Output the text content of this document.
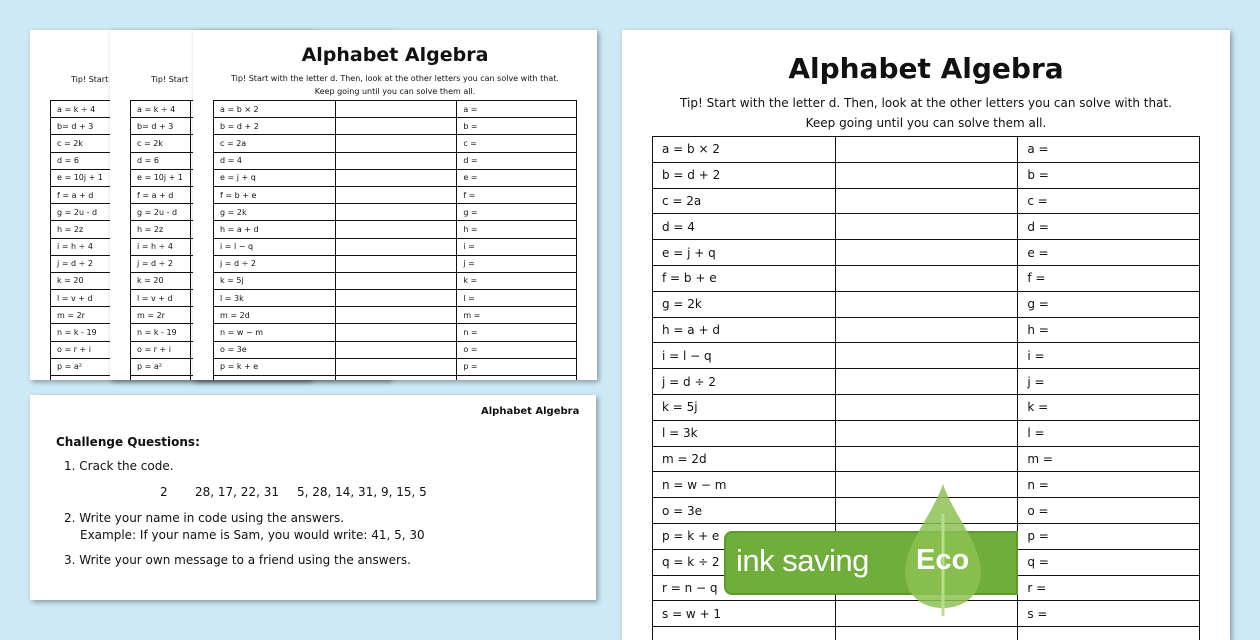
Tip! Start
a = k ÷ 4	
b= d + 3	
c = 2k	
d = 6	
e = 10j + 1	
f = a + d	
g = 2u - d	
h = 2z	
i = h ÷ 4	
j = d ÷ 2	
k = 20	
l = v + d	
m = 2r	
n = k - 19	
o = r + i	
p = a²	

Tip! Start
a = k ÷ 4	
b= d + 3	
c = 2k	
d = 6	
e = 10j + 1	
f = a + d	
g = 2u - d	
h = 2z	
i = h ÷ 4	
j = d ÷ 2	
k = 20	
l = v + d	
m = 2r	
n = k - 19	
o = r + i	
p = a²	

Alphabet Algebra
Tip! Start with the letter d. Then, look at the other letters you can solve with that.
Keep going until you can solve them all.
a = b × 2		a =
b = d + 2		b =
c = 2a		c =
d = 4		d =
e = j + q		e =
f = b + e		f =
g = 2k		g =
h = a + d		h =
i = l − q		i =
j = d ÷ 2		j =
k = 5j		k =
l = 3k		l =
m = 2d		m =
n = w − m		n =
o = 3e		o =
p = k + e		p =

Alphabet Algebra
Challenge Questions:
1. Crack the code.
2 28, 17, 22, 31 5, 28, 14, 31, 9, 15, 5
2. Write your name in code using the answers.
Example: If your name is Sam, you would write: 41, 5, 30
3. Write your own message to a friend using the answers.
Alphabet Algebra
Tip! Start with the letter d. Then, look at the other letters you can solve with that.
Keep going until you can solve them all.
a = b × 2		a =
b = d + 2		b =
c = 2a		c =
d = 4		d =
e = j + q		e =
f = b + e		f =
g = 2k		g =
h = a + d		h =
i = l − q		i =
j = d ÷ 2		j =
k = 5j		k =
l = 3k		l =
m = 2d		m =
n = w − m		n =
o = 3e		o =
p = k + e		p =
q = k ÷ 2		q =
r = n − q		r =
s = w + 1		s =

ink saving Eco
